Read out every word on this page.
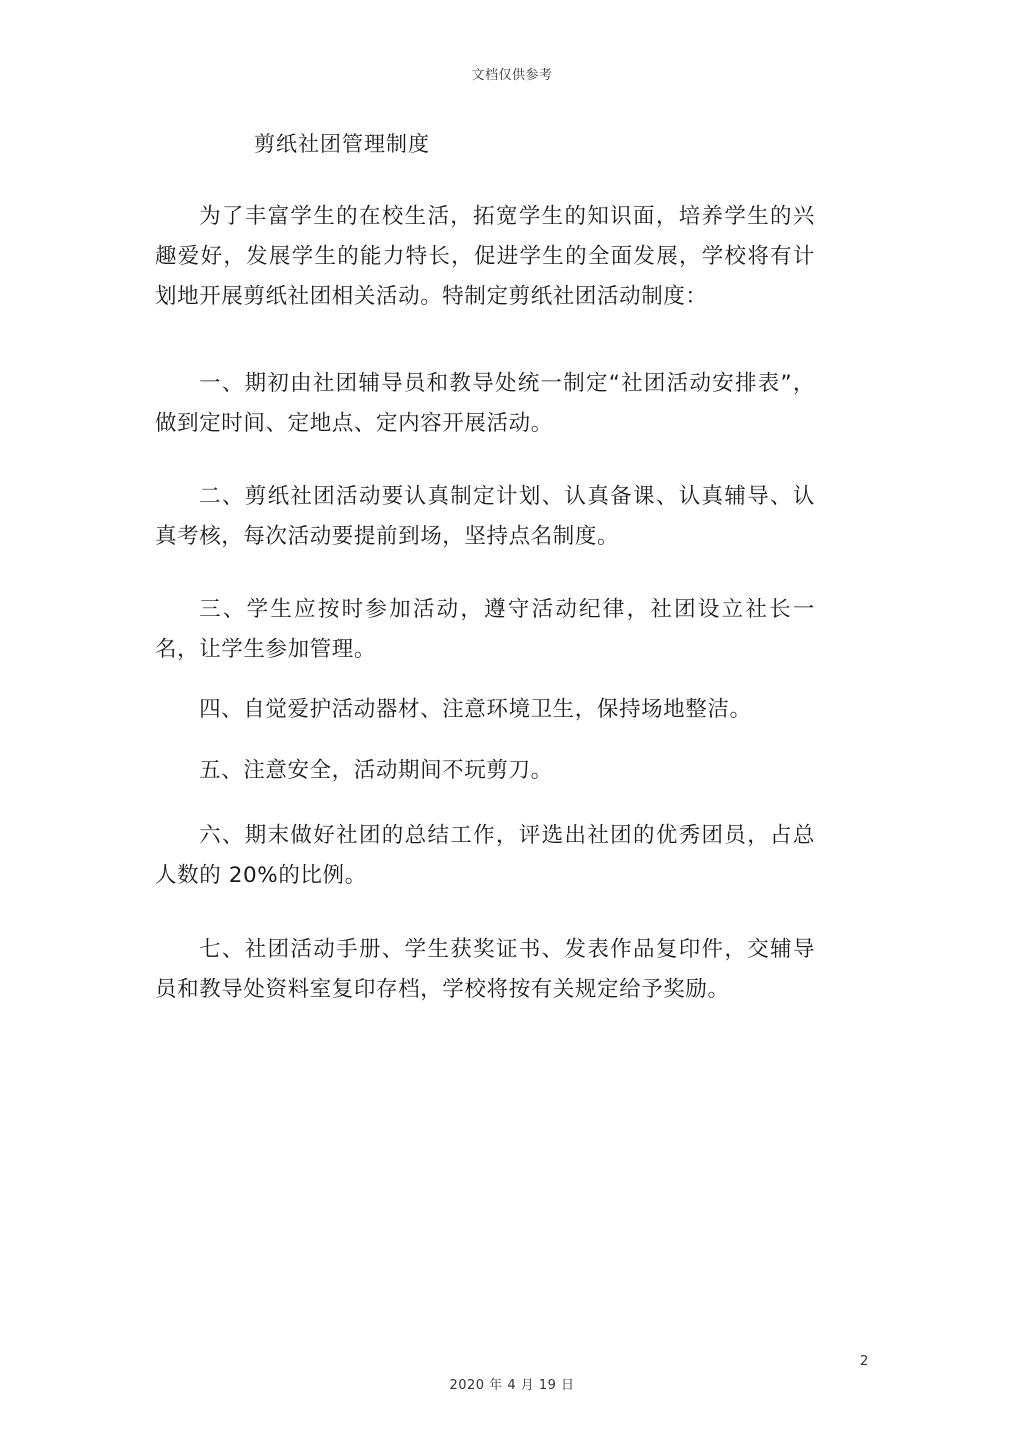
文档仅供参考
剪纸社团管理制度

为了丰富学生的在校生活，拓宽学生的知识面，培养学生的兴趣爱好，发展学生的能力特长，促进学生的全面发展，学校将有计划地开展剪纸社团相关活动。特制定剪纸社团活动制度：

一、期初由社团辅导员和教导处统一制定“社团活动安排表”，做到定时间、定地点、定内容开展活动。

二、剪纸社团活动要认真制定计划、认真备课、认真辅导、认真考核，每次活动要提前到场，坚持点名制度。

三、学生应按时参加活动，遵守活动纪律，社团设立社长一名，让学生参加管理。

四、自觉爱护活动器材、注意环境卫生，保持场地整洁。

五、注意安全，活动期间不玩剪刀。

六、期末做好社团的总结工作，评选出社团的优秀团员，占总人数的 20%的比例。

七、社团活动手册、学生获奖证书、发表作品复印件，交辅导员和教导处资料室复印存档，学校将按有关规定给予奖励。

2
2020 年 4 月 19 日
